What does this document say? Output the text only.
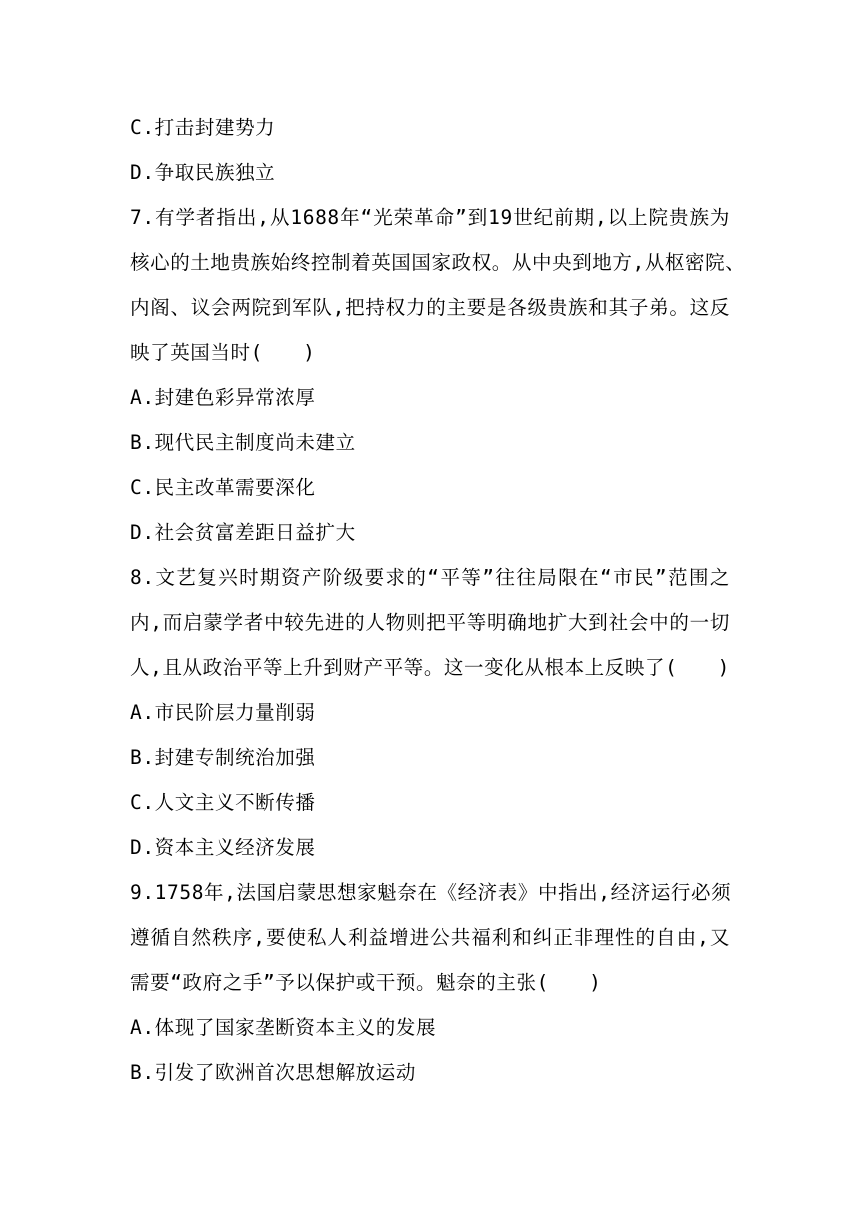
C.打击封建势力
D.争取民族独立
7.有学者指出,从1688年“光荣革命”到19世纪前期,以上院贵族为
核心的土地贵族始终控制着英国国家政权。从中央到地方,从枢密院、
内阁、议会两院到军队,把持权力的主要是各级贵族和其子弟。这反
映了英国当时(　　)
A.封建色彩异常浓厚
B.现代民主制度尚未建立
C.民主改革需要深化
D.社会贫富差距日益扩大
8.文艺复兴时期资产阶级要求的“平等”往往局限在“市民”范围之
内,而启蒙学者中较先进的人物则把平等明确地扩大到社会中的一切
人,且从政治平等上升到财产平等。这一变化从根本上反映了(　　)
A.市民阶层力量削弱
B.封建专制统治加强
C.人文主义不断传播
D.资本主义经济发展
9.1758年,法国启蒙思想家魁奈在《经济表》中指出,经济运行必须
遵循自然秩序,要使私人利益增进公共福利和纠正非理性的自由,又
需要“政府之手”予以保护或干预。魁奈的主张(　　)
A.体现了国家垄断资本主义的发展
B.引发了欧洲首次思想解放运动
